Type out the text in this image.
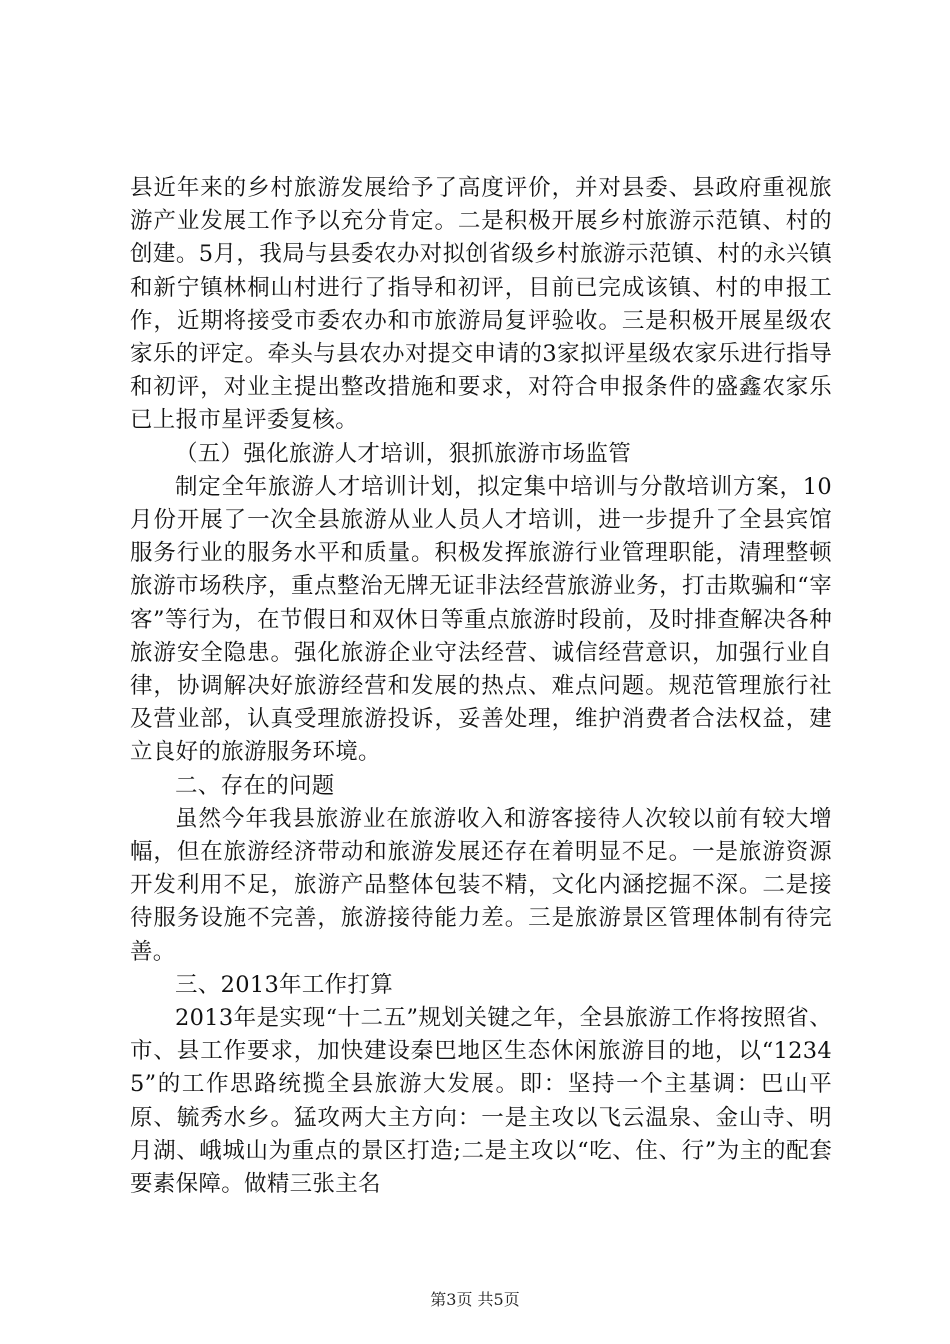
县近年来的乡村旅游发展给予了高度评价，并对县委、县政府重视旅游产业发展工作予以充分肯定。二是积极开展乡村旅游示范镇、村的创建。5月，我局与县委农办对拟创省级乡村旅游示范镇、村的永兴镇和新宁镇林桐山村进行了指导和初评，目前已完成该镇、村的申报工作，近期将接受市委农办和市旅游局复评验收。三是积极开展星级农家乐的评定。牵头与县农办对提交申请的3家拟评星级农家乐进行指导和初评，对业主提出整改措施和要求，对符合申报条件的盛鑫农家乐已上报市星评委复核。

（五）强化旅游人才培训，狠抓旅游市场监管

制定全年旅游人才培训计划，拟定集中培训与分散培训方案，10月份开展了一次全县旅游从业人员人才培训，进一步提升了全县宾馆服务行业的服务水平和质量。积极发挥旅游行业管理职能，清理整顿旅游市场秩序，重点整治无牌无证非法经营旅游业务，打击欺骗和“宰客”等行为，在节假日和双休日等重点旅游时段前，及时排查解决各种旅游安全隐患。强化旅游企业守法经营、诚信经营意识，加强行业自律，协调解决好旅游经营和发展的热点、难点问题。规范管理旅行社及营业部，认真受理旅游投诉，妥善处理，维护消费者合法权益，建立良好的旅游服务环境。

二、存在的问题

虽然今年我县旅游业在旅游收入和游客接待人次较以前有较大增幅，但在旅游经济带动和旅游发展还存在着明显不足。一是旅游资源开发利用不足，旅游产品整体包装不精，文化内涵挖掘不深。二是接待服务设施不完善，旅游接待能力差。三是旅游景区管理体制有待完善。

三、2013年工作打算

2013年是实现“十二五”规划关键之年，全县旅游工作将按照省、市、县工作要求，加快建设秦巴地区生态休闲旅游目的地，以“12345”的工作思路统揽全县旅游大发展。即：坚持一个主基调：巴山平原、毓秀水乡。猛攻两大主方向：一是主攻以飞云温泉、金山寺、明月湖、峨城山为重点的景区打造;二是主攻以“吃、住、行”为主的配套要素保障。做精三张主名

第3页 共5页
